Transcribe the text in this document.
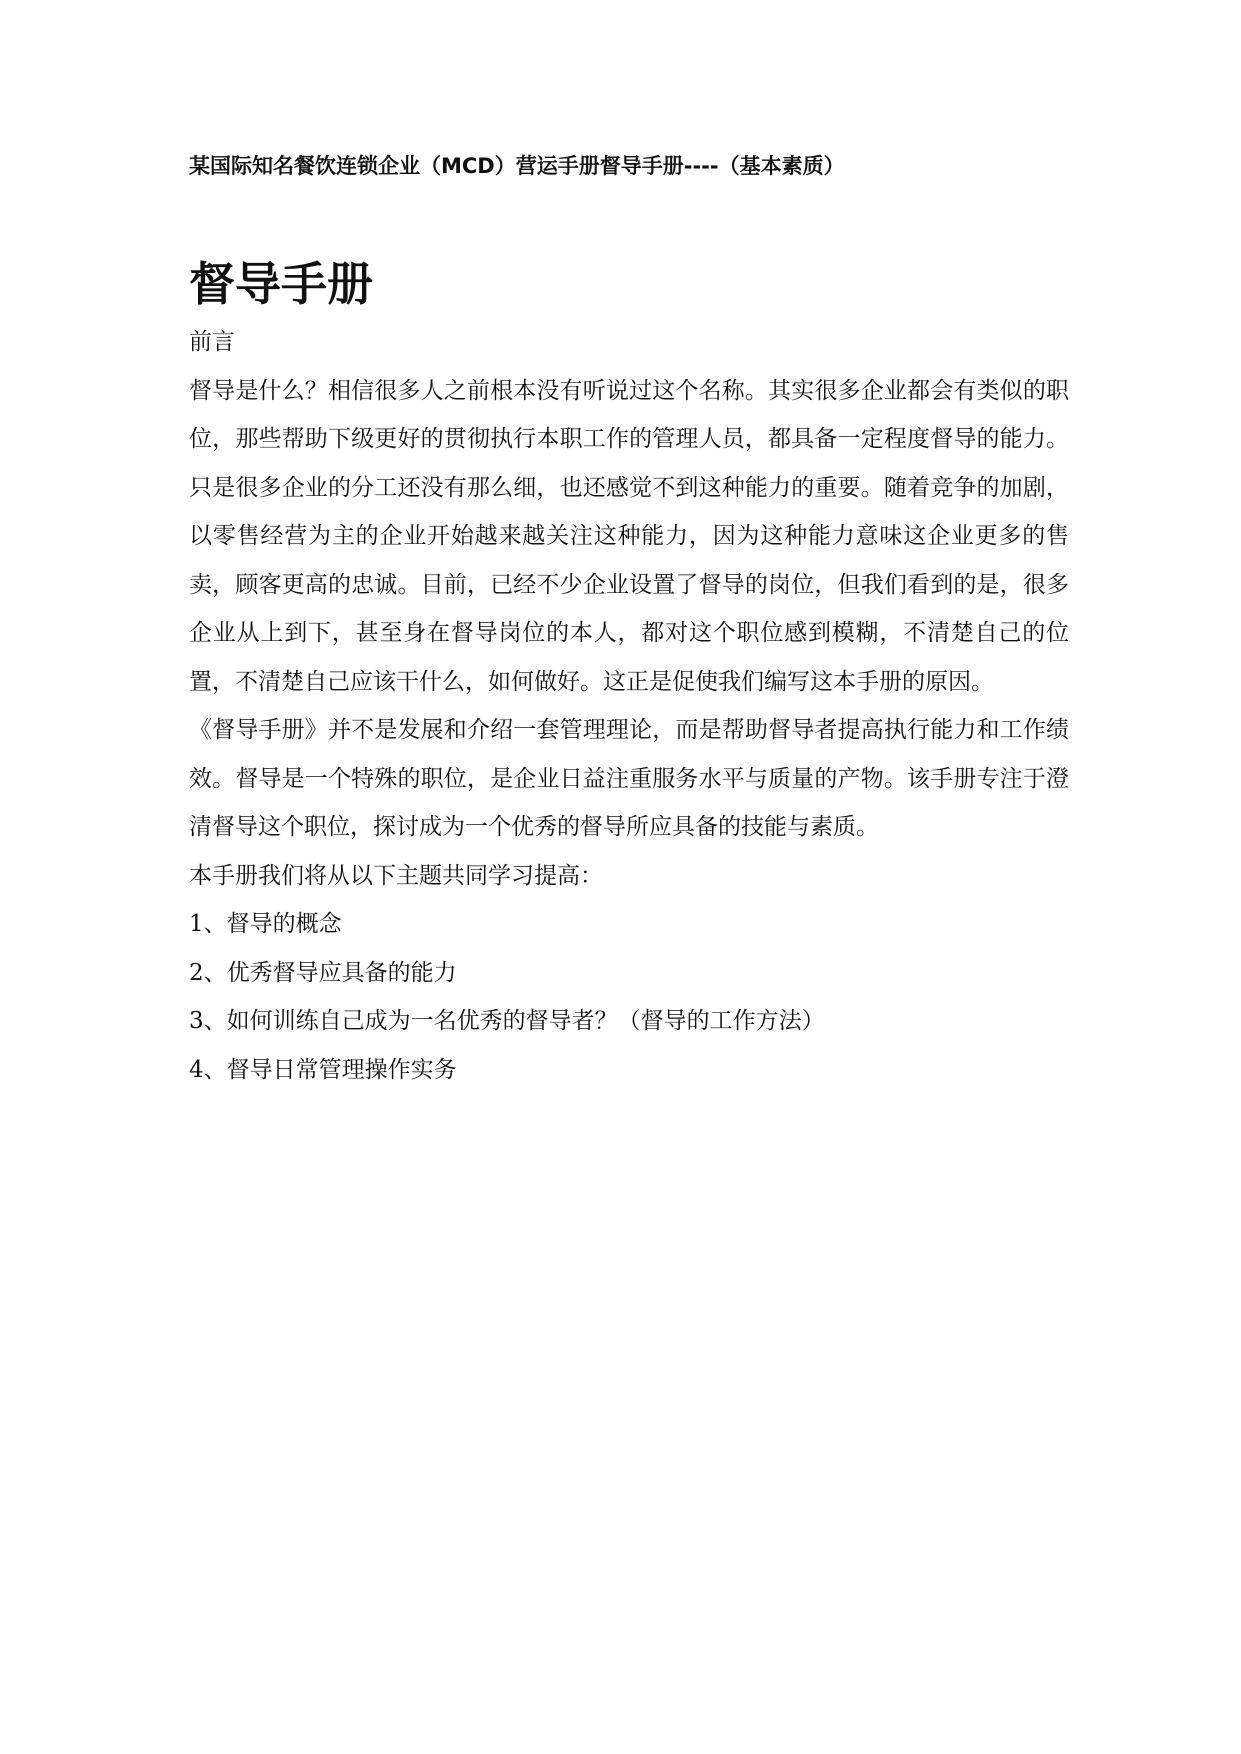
某国际知名餐饮连锁企业（MCD）营运手册督导手册----（基本素质）
督导手册

前言

督导是什么？相信很多人之前根本没有听说过这个名称。其实很多企业都会有类似的职位，那些帮助下级更好的贯彻执行本职工作的管理人员，都具备一定程度督导的能力。只是很多企业的分工还没有那么细，也还感觉不到这种能力的重要。随着竞争的加剧，以零售经营为主的企业开始越来越关注这种能力，因为这种能力意味这企业更多的售卖，顾客更高的忠诚。目前，已经不少企业设置了督导的岗位，但我们看到的是，很多企业从上到下，甚至身在督导岗位的本人，都对这个职位感到模糊，不清楚自己的位置，不清楚自己应该干什么，如何做好。这正是促使我们编写这本手册的原因。

《督导手册》并不是发展和介绍一套管理理论，而是帮助督导者提高执行能力和工作绩效。督导是一个特殊的职位，是企业日益注重服务水平与质量的产物。该手册专注于澄清督导这个职位，探讨成为一个优秀的督导所应具备的技能与素质。

本手册我们将从以下主题共同学习提高：

1、督导的概念
2、优秀督导应具备的能力
3、如何训练自己成为一名优秀的督导者？（督导的工作方法）
4、督导日常管理操作实务
